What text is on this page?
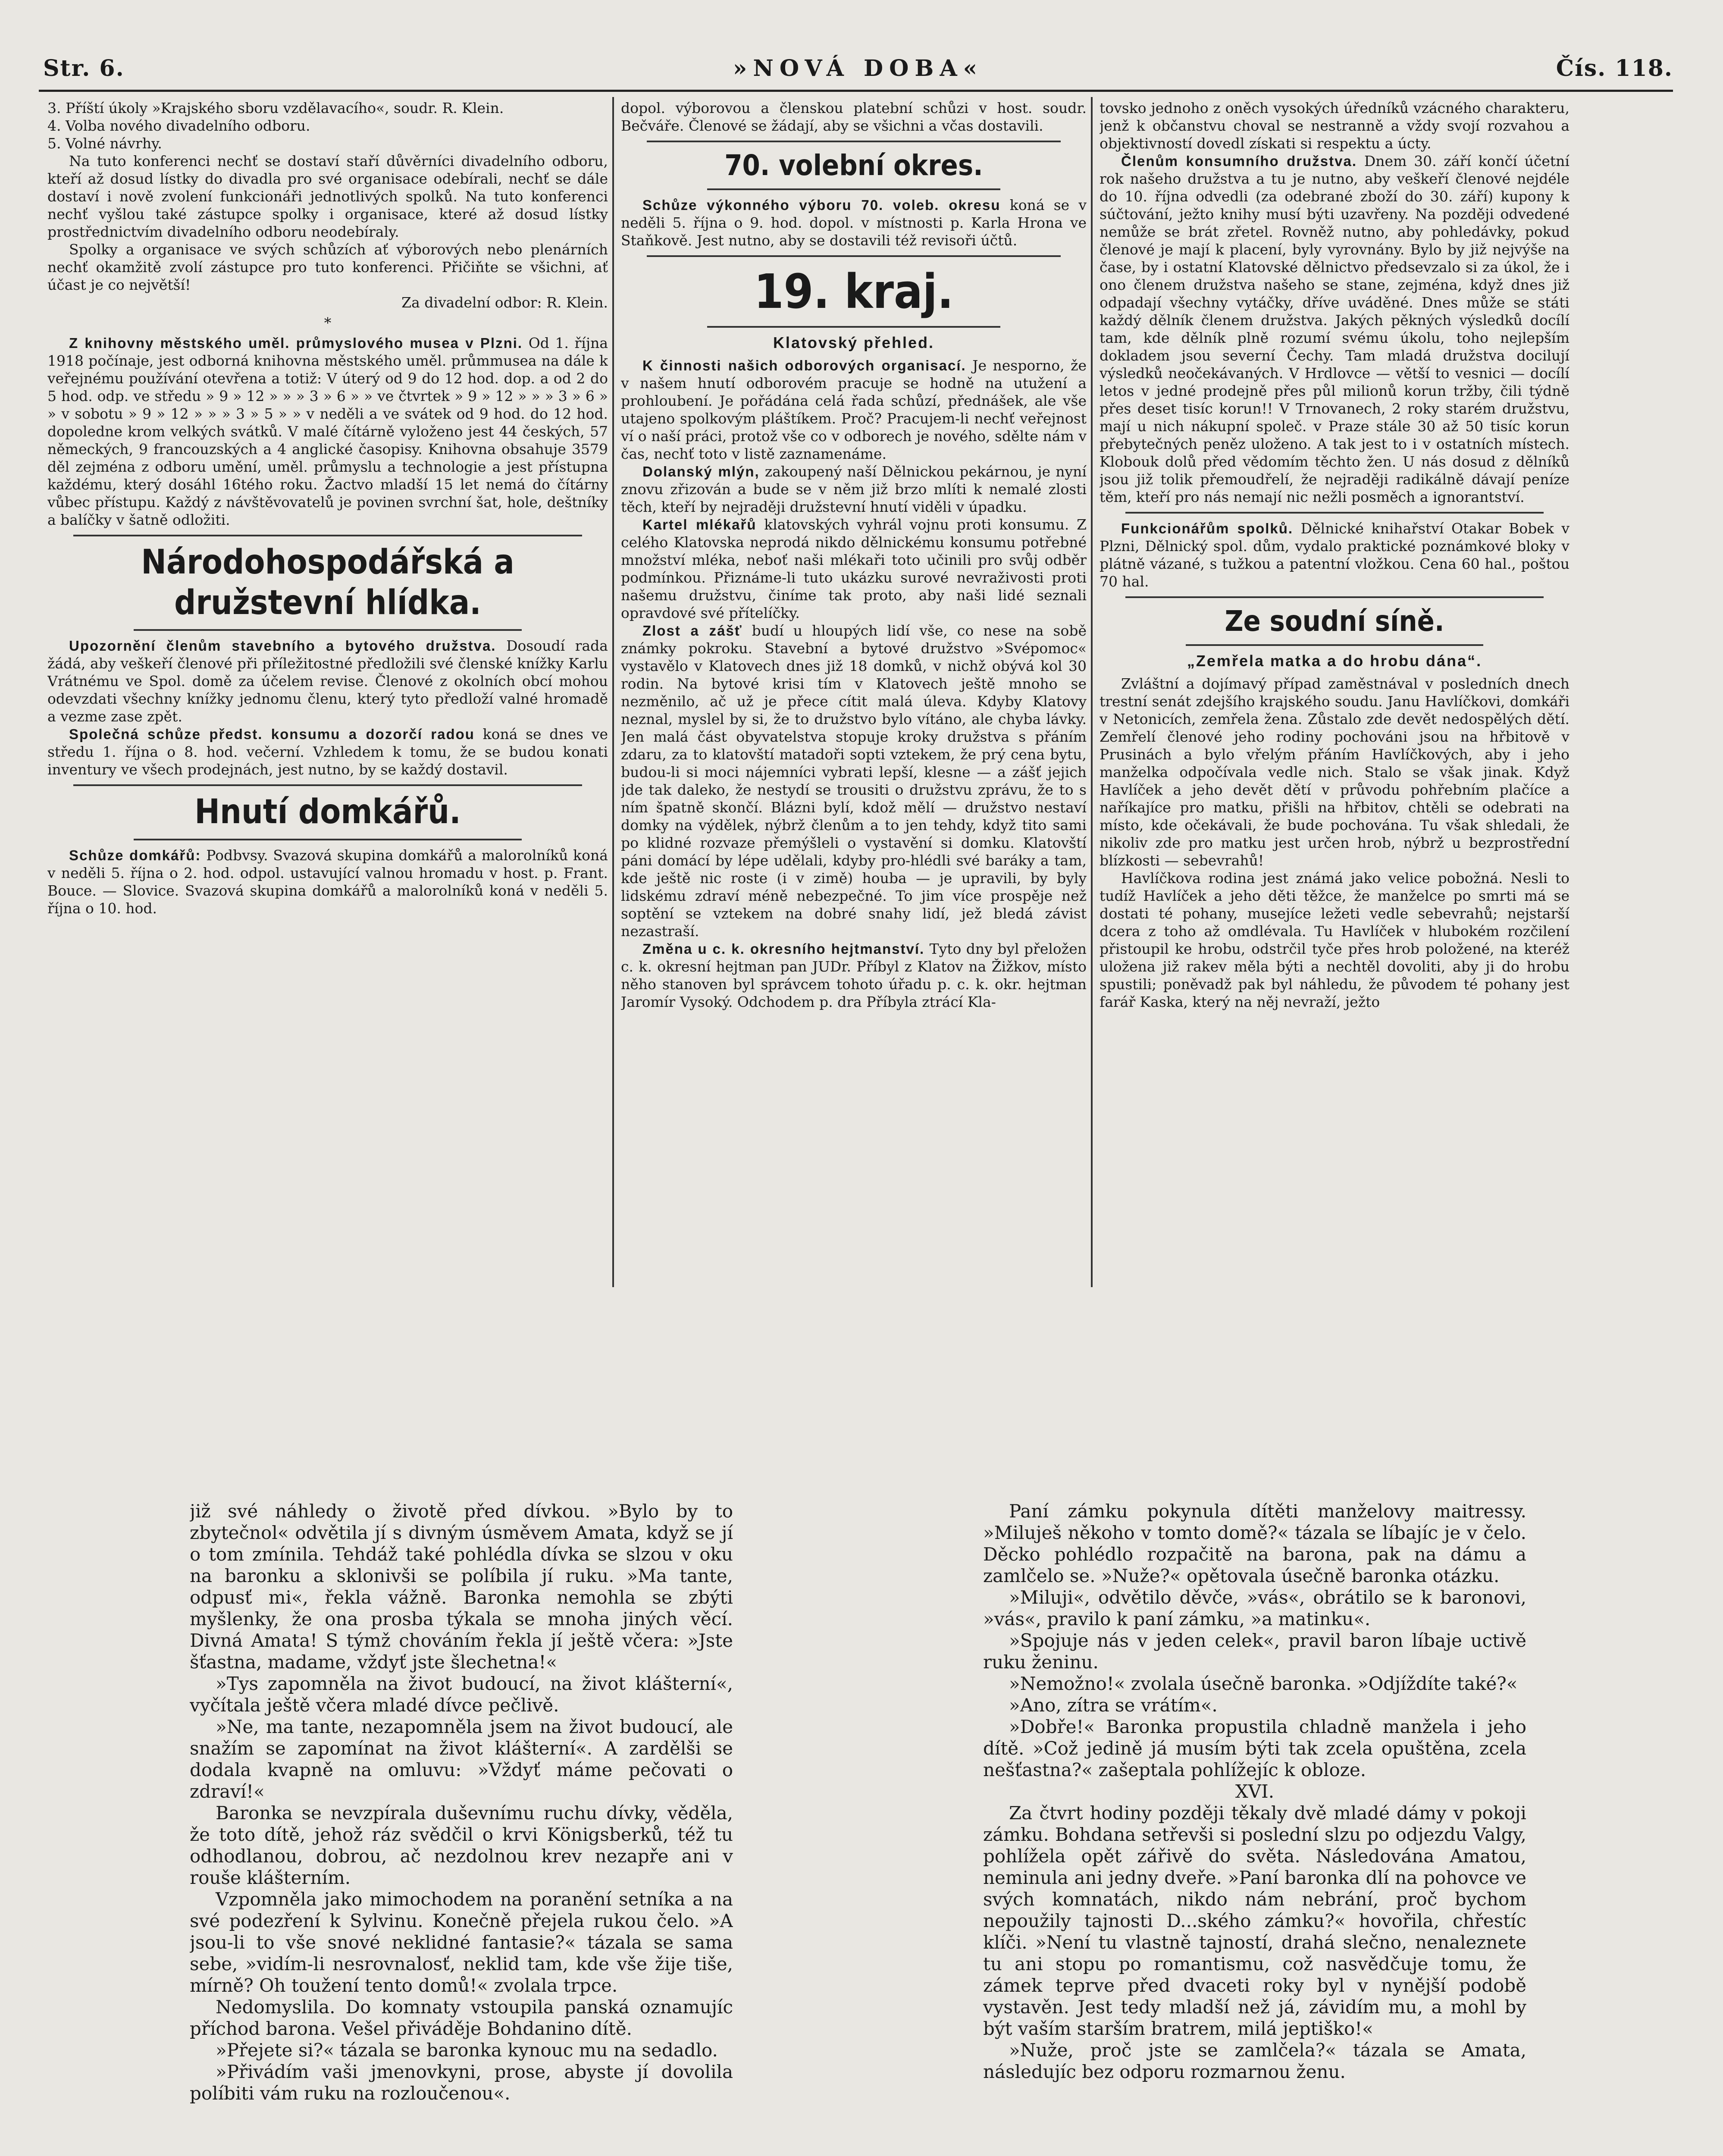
Str. 6.	»NOVÁ DOBA«	Čís. 118.

3. Příští úkoly »Krajského sboru vzdělavacího«, soudr. R. Klein.

4. Volba nového divadelního odboru.

5. Volné návrhy.

Na tuto konferenci nechť se dostaví staří důvěrníci divadelního odboru, kteří až dosud lístky do divadla pro své organisace odebírali, nechť se dále dostaví i nově zvolení funkcionáři jednotlivých spolků. Na tuto konferenci nechť vyšlou také zástupce spolky i organisace, které až dosud lístky prostřednictvím divadelního odboru neodebíraly.

Spolky a organisace ve svých schůzích ať výborových nebo plenárních nechť okamžitě zvolí zástupce pro tuto konferenci. Přičiňte se všichni, ať účast je co největší!

Za divadelní odbor: R. Klein.

*

Z knihovny městského uměl. průmyslového musea v Plzni. Od 1. října 1918 počínaje, jest odborná knihovna městského uměl. průmmusea na dále k veřejnému používání otevřena a totiž: V úterý od 9 do 12 hod. dop. a od 2 do 5 hod. odp. ve středu » 9 » 12 » » » 3 » 6 » » ve čtvrtek » 9 » 12 » » » 3 » 6 » » v sobotu » 9 » 12 » » » 3 » 5 » » v neděli a ve svátek od 9 hod. do 12 hod. dopoledne krom velkých svátků. V malé čítárně vyloženo jest 44 českých, 57 německých, 9 francouzských a 4 anglické časopisy. Knihovna obsahuje 3579 děl zejména z odboru umění, uměl. průmyslu a technologie a jest přístupna každému, který dosáhl 16tého roku. Žactvo mladší 15 let nemá do čítárny vůbec přístupu. Každý z návštěvovatelů je povinen svrchní šat, hole, deštníky a balíčky v šatně odložiti.

Národohospodářská a družstevní hlídka.

Upozornění členům stavebního a bytového družstva. Dosoudí rada žádá, aby veškeří členové při příležitostné předložili své členské knížky Karlu Vrátnému ve Spol. domě za účelem revise. Členové z okolních obcí mohou odevzdati všechny knížky jednomu členu, který tyto předloží valné hromadě a vezme zase zpět.

Společná schůze předst. konsumu a dozorčí radou koná se dnes ve středu 1. října o 8. hod. večerní. Vzhledem k tomu, že se budou konati inventury ve všech prodejnách, jest nutno, by se každý dostavil.

Hnutí domkářů.

Schůze domkářů: Podbvsy. Svazová skupina domkářů a malorolníků koná v neděli 5. října o 2. hod. odpol. ustavující valnou hromadu v host. p. Frant. Bouce. — Slovice. Svazová skupina domkářů a malorolníků koná v neděli 5. října o 10. hod.

dopol. výborovou a členskou platební schůzi v host. soudr. Bečváře. Členové se žádají, aby se všichni a včas dostavili.

70. volební okres.

Schůze výkonného výboru 70. voleb. okresu koná se v neděli 5. října o 9. hod. dopol. v místnosti p. Karla Hrona ve Staňkově. Jest nutno, aby se dostavili též revisoři účtů.

19. kraj.
Klatovský přehled.

K činnosti našich odborových organisací. Je nesporno, že v našem hnutí odborovém pracuje se hodně na utužení a prohloubení. Je pořádána celá řada schůzí, přednášek, ale vše utajeno spolkovým pláštíkem. Proč? Pracujem-li nechť veřejnost ví o naší práci, protož vše co v odborech je nového, sdělte nám v čas, nechť toto v listě zaznamenáme.

Dolanský mlýn, zakoupený naší Dělnickou pekárnou, je nyní znovu zřizován a bude se v něm již brzo mlíti k nemalé zlosti těch, kteří by nejraději družstevní hnutí viděli v úpadku.

Kartel mlékařů klatovských vyhrál vojnu proti konsumu. Z celého Klatovska neprodá nikdo dělnickému konsumu potřebné množství mléka, neboť naši mlékaři toto učinili pro svůj odběr podmínkou. Přiznáme-li tuto ukázku surové nevraživosti proti našemu družstvu, činíme tak proto, aby naši lidé seznali opravdové své přítelíčky.

Zlost a zášť budí u hloupých lidí vše, co nese na sobě známky pokroku. Stavební a bytové družstvo »Svépomoc« vystavělo v Klatovech dnes již 18 domků, v nichž obývá kol 30 rodin. Na bytové krisi tím v Klatovech ještě mnoho se nezměnilo, ač už je přece cítit malá úleva. Kdyby Klatovy neznal, myslel by si, že to družstvo bylo vítáno, ale chyba lávky. Jen malá část obyvatelstva stopuje kroky družstva s přáním zdaru, za to klatovští matadoři sopti vztekem, že prý cena bytu, budou-li si moci nájemníci vybrati lepší, klesne — a zášť jejich jde tak daleko, že nestydí se trousiti o družstvu zprávu, že to s ním špatně skončí. Blázni bylí, kdož mělí — družstvo nestaví domky na výdělek, nýbrž členům a to jen tehdy, když tito sami po klidné rozvaze přemýšleli o vystavění si domku. Klatovští páni domácí by lépe udělali, kdyby pro-hlédli své baráky a tam, kde ještě nic roste (i v zimě) houba — je upravili, by byly lidskému zdraví méně nebezpečné. To jim více prospěje než soptění se vztekem na dobré snahy lidí, jež bledá závist nezastraší.

Změna u c. k. okresního hejtmanství. Tyto dny byl přeložen c. k. okresní hejtman pan JUDr. Příbyl z Klatov na Žižkov, místo něho stanoven byl správcem tohoto úřadu p. c. k. okr. hejtman Jaromír Vysoký. Odchodem p. dra Příbyla ztrácí Kla-

tovsko jednoho z oněch vysokých úředníků vzácného charakteru, jenž k občanstvu choval se nestranně a vždy svojí rozvahou a objektivností dovedl získati si respektu a úcty.

Členům konsumního družstva. Dnem 30. září končí účetní rok našeho družstva a tu je nutno, aby veškeří členové nejdéle do 10. října odvedli (za odebrané zboží do 30. září) kupony k súčtování, ježto knihy musí býti uzavřeny. Na později odvedené nemůže se brát zřetel. Rovněž nutno, aby pohledávky, pokud členové je mají k placení, byly vyrovnány. Bylo by již nejvýše na čase, by i ostatní Klatovské dělnictvo předsevzalo si za úkol, že i ono členem družstva našeho se stane, zejména, když dnes již odpadají všechny vytáčky, dříve uváděné. Dnes může se státi každý dělník členem družstva. Jakých pěkných výsledků docílí tam, kde dělník plně rozumí svému úkolu, toho nejlepším dokladem jsou severní Čechy. Tam mladá družstva docilují výsledků neočekávaných. V Hrdlovce — větší to vesnici — docílí letos v jedné prodejně přes půl milionů korun tržby, čili týdně přes deset tisíc korun!! V Trnovanech, 2 roky starém družstvu, mají u nich nákupní společ. v Praze stále 30 až 50 tisíc korun přebytečných peněz uloženo. A tak jest to i v ostatních místech. Klobouk dolů před vědomím těchto žen. U nás dosud z dělníků jsou již tolik přemoudřelí, že nejraději radikálně dávají peníze těm, kteří pro nás nemají nic nežli posměch a ignorantství.

Funkcionářům spolků. Dělnické knihařství Otakar Bobek v Plzni, Dělnický spol. dům, vydalo praktické poznámkové bloky v plátně vázané, s tužkou a patentní vložkou. Cena 60 hal., poštou 70 hal.

Ze soudní síně.
„Zemřela matka a do hrobu dána“.

Zvláštní a dojímavý případ zaměstnával v posledních dnech trestní senát zdejšího krajského soudu. Janu Havlíčkovi, domkáři v Netonicích, zemřela žena. Zůstalo zde devět nedospělých dětí. Zemřelí členové jeho rodiny pochováni jsou na hřbitově v Prusinách a bylo vřelým přáním Havlíčkových, aby i jeho manželka odpočívala vedle nich. Stalo se však jinak. Když Havlíček a jeho devět dětí v průvodu pohřebním plačíce a naříkajíce pro matku, přišli na hřbitov, chtěli se odebrati na místo, kde očekávali, že bude pochována. Tu však shledali, že nikoliv zde pro matku jest určen hrob, nýbrž u bezprostřední blízkosti — sebevrahů!

Havlíčkova rodina jest známá jako velice pobožná. Nesli to tudíž Havlíček a jeho děti těžce, že manželce po smrti má se dostati té pohany, musejíce ležeti vedle sebevrahů; nejstarší dcera z toho až omdlévala. Tu Havlíček v hlubokém rozčilení přistoupil ke hrobu, odstrčil tyče přes hrob položené, na kteréž uložena již rakev měla býti a nechtěl dovoliti, aby ji do hrobu spustili; poněvadž pak byl náhledu, že původem té pohany jest farář Kaska, který na něj nevraží, ježto

již své náhledy o životě před dívkou. »Bylo by to zbytečnol« odvětila jí s divným úsměvem Amata, když se jí o tom zmínila. Tehdáž také pohlédla dívka se slzou v oku na baronku a sklonivši se políbila jí ruku. »Ma tante, odpusť mi«, řekla vážně. Baronka nemohla se zbýti myšlenky, že ona prosba týkala se mnoha jiných věcí. Divná Amata! S týmž chováním řekla jí ještě včera: »Jste šťastna, madame, vždyť jste šlechetna!«

»Tys zapomněla na život budoucí, na život klášterní«, vyčítala ještě včera mladé dívce pečlivě.

»Ne, ma tante, nezapomněla jsem na život budoucí, ale snažím se zapomínat na život klášterní«. A zardělši se dodala kvapně na omluvu: »Vždyť máme pečovati o zdraví!«

Baronka se nevzpírala duševnímu ruchu dívky, věděla, že toto dítě, jehož ráz svědčil o krvi Königsberků, též tu odhodlanou, dobrou, ač nezdolnou krev nezapře ani v rouše klášterním.

Vzpomněla jako mimochodem na poranění setníka a na své podezření k Sylvinu. Konečně přejela rukou čelo. »A jsou-li to vše snové neklidné fantasie?« tázala se sama sebe, »vidím-li nesrovnalosť, neklid tam, kde vše žije tiše, mírně? Oh toužení tento domů!« zvolala trpce.

Nedomyslila. Do komnaty vstoupila panská oznamujíc příchod barona. Vešel přiváděje Bohdanino dítě.

»Přejete si?« tázala se baronka kynouc mu na sedadlo.

»Přivádím vaši jmenovkyni, prose, abyste jí dovolila políbiti vám ruku na rozloučenou«.

Paní zámku pokynula dítěti manželovy maitressy. »Miluješ někoho v tomto domě?« tázala se líbajíc je v čelo. Děcko pohlédlo rozpačitě na baronа, pak na dámu a zamlčelo se. »Nuže?« opětovala úsečně baronka otázku.

»Miluji«, odvětilo děvče, »vás«, obrátilo se k baronovi, »vás«, pravilo k paní zámku, »a matinku«.

»Spojuje nás v jeden celek«, pravil baron líbaje uctivě ruku ženinu.

»Nemožno!« zvolala úsečně baronka. »Odjíždíte také?«

»Ano, zítra se vrátím«.

»Dobře!« Baronka propustila chladně manžela i jeho dítě. »Což jedině já musím býti tak zcela opuštěna, zcela nešťastna?« zašeptala pohlížejíc k obloze.

XVI.

Za čtvrt hodiny později těkaly dvě mladé dámy v pokoji zámku. Bohdana setřevši si poslední slzu po odjezdu Valgy, pohlížela opět zářivě do světa. Následována Amatou, neminula ani jedny dveře. »Paní baronka dlí na pohovce ve svých komnatách, nikdo nám nebrání, proč bychom nepoužily tajnosti D...ského zámku?« hovořila, chřestíc klíči. »Není tu vlastně tajností, drahá slečno, nenaleznete tu ani stopu po romantismu, což nasvědčuje tomu, že zámek teprve před dvaceti roky byl v nynější podobě vystavěn. Jest tedy mladší než já, závidím mu, a mohl by být vaším starším bratrem, milá jeptiško!«

»Nuže, proč jste se zamlčela?« tázala se Amata, následujíc bez odporu rozmarnou ženu.
